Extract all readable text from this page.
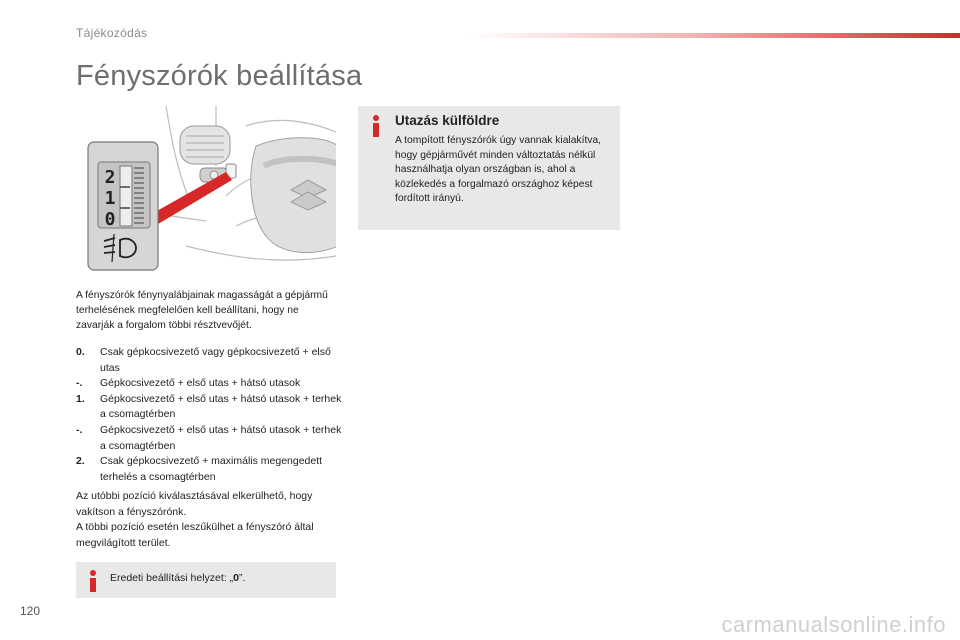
Tájékozódás
Fényszórók beállítása
2
1
0

A fényszórók fénynyalábjainak magasságát a gépjármű terhelésének megfelelően kell beállítani, hogy ne zavarják a forgalom többi résztvevőjét.

0.	Csak gépkocsivezető vagy gépkocsivezető + első utas
-.	Gépkocsivezető + első utas + hátsó utasok
1.	Gépkocsivezető + első utas + hátsó utasok + terhek a csomagtérben
-.	Gépkocsivezető + első utas + hátsó utasok + terhek a csomagtérben
2.	Csak gépkocsivezető + maximális megengedett terhelés a csomagtérben

Az utóbbi pozíció kiválasztásával elkerülhető, hogy vakítson a fényszórónk.

A többi pozíció esetén leszűkülhet a fényszóró által megvilágított terület.

Eredeti beállítási helyzet: „0”.
Utazás külföldre

A tompított fényszórók úgy vannak kialakítva, hogy gépjárművét minden változtatás nélkül használhatja olyan országban is, ahol a közlekedés a forgalmazó országhoz képest fordított irányú.

120
carmanualsonline.info
